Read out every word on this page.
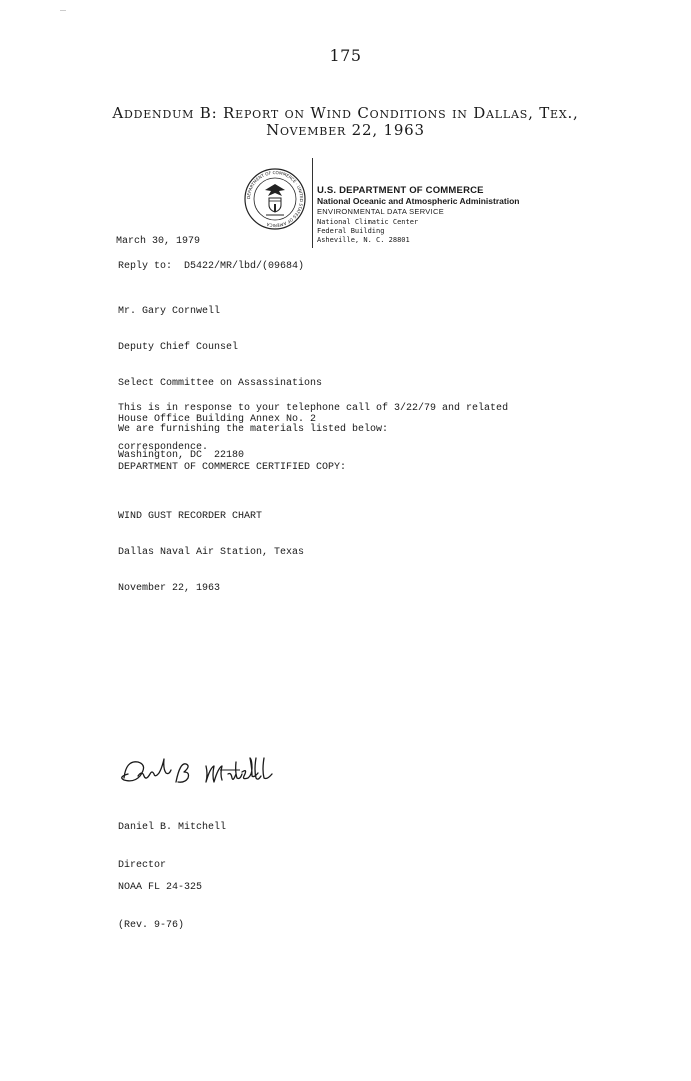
175
Addendum B: Report on Wind Conditions in Dallas, Tex.,
November 22, 1963
DEPARTMENT OF COMMERCE · UNITED STATES OF AMERICA
U.S. DEPARTMENT OF COMMERCE
National Oceanic and Atmospheric Administration
ENVIRONMENTAL DATA SERVICE
National Climatic Center
Federal Building
Asheville, N. C. 28801
March 30, 1979
Reply to:  D5422/MR/lbd/(09684)

Mr. Gary Cornwell

Deputy Chief Counsel

Select Committee on Assassinations

House Office Building Annex No. 2

Washington, DC  22180

This is in response to your telephone call of 3/22/79 and related

correspondence.

We are furnishing the materials listed below:
DEPARTMENT OF COMMERCE CERTIFIED COPY:

WIND GUST RECORDER CHART

Dallas Naval Air Station, Texas

November 22, 1963

Daniel B. Mitchell

Director

NOAA FL 24-325

(Rev. 9-76)
